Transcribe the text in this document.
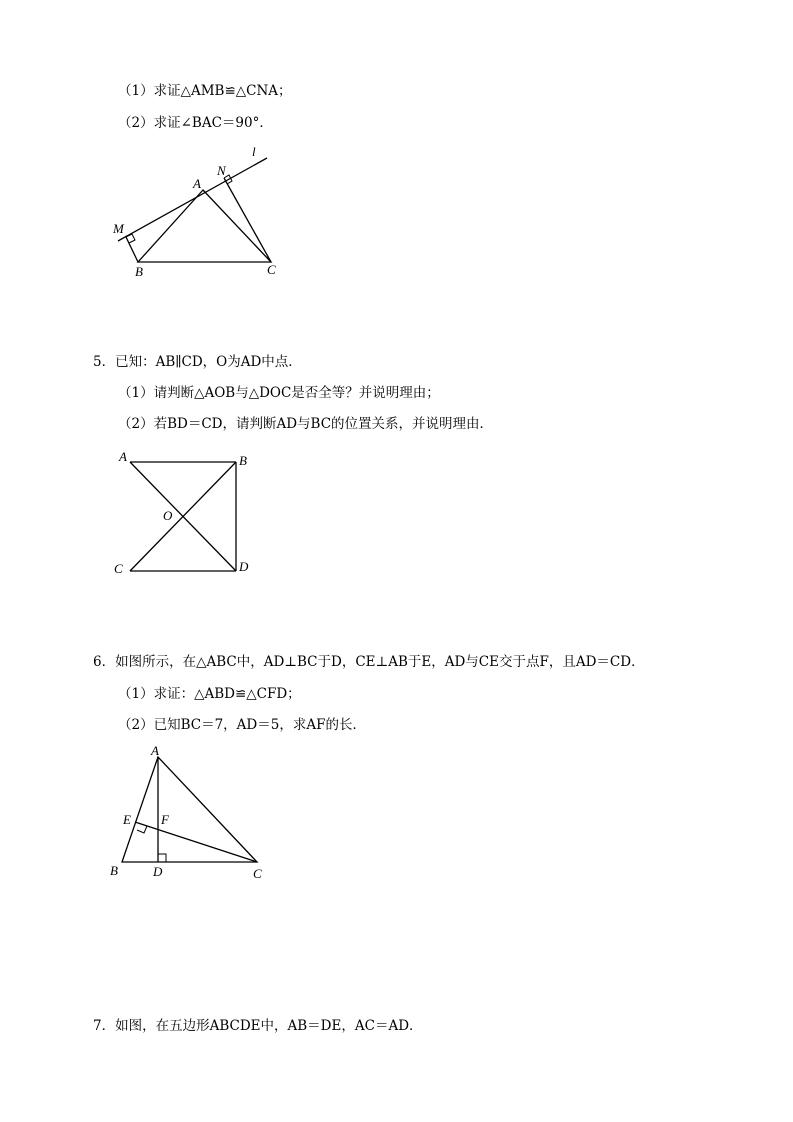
（1）求证△AMB≌△CNA；
（2）求证∠BAC＝90°．
l
N
A
M
B	C
5．已知：AB∥CD，O为AD中点．
（1）请判断△AOB与△DOC是否全等？并说明理由；
（2）若BD＝CD，请判断AD与BC的位置关系，并说明理由．
A	B
O
C	D
6．如图所示，在△ABC中，AD⊥BC于D，CE⊥AB于E，AD与CE交于点F，且AD＝CD．
（1）求证：△ABD≌△CFD；
（2）已知BC＝7，AD＝5，求AF的长．
A
E F
B	D	C
7．如图，在五边形ABCDE中，AB＝DE，AC＝AD．
